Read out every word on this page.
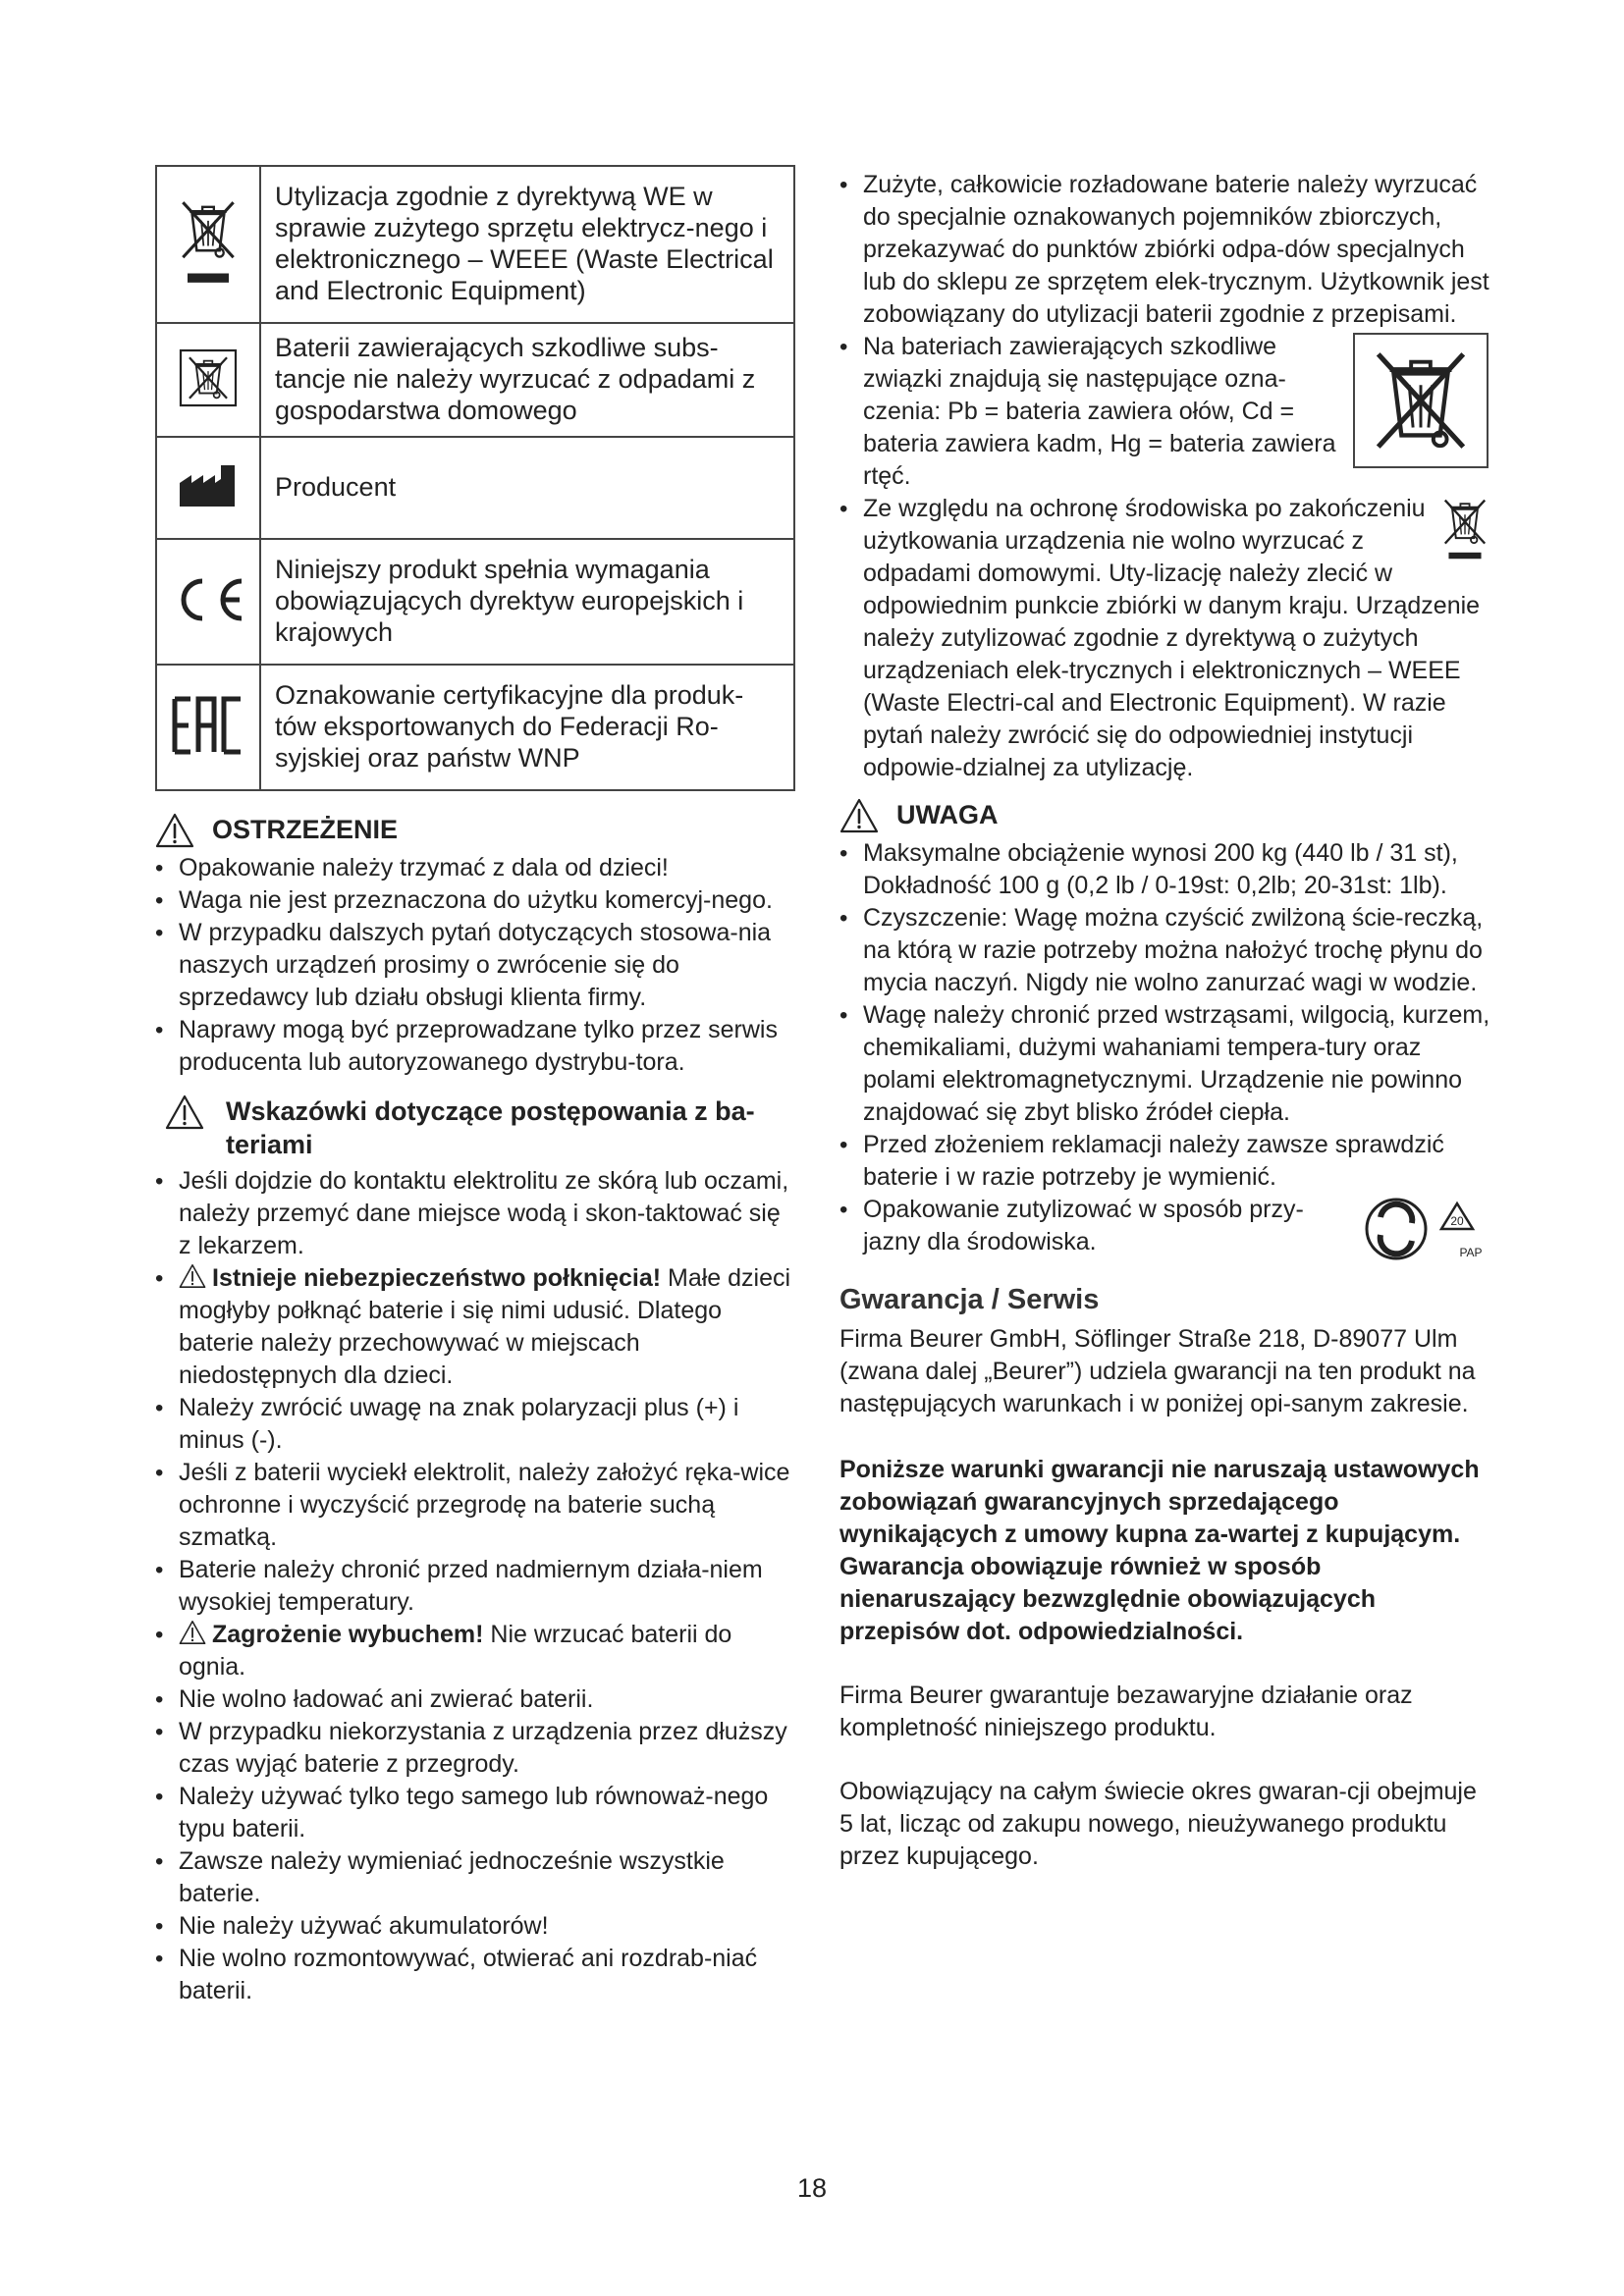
	Utylizacja zgodnie z dyrektywą WE w sprawie zużytego sprzętu elektrycz-nego i elektronicznego – WEEE (Waste Electrical and Electronic Equipment)
	Baterii zawierających szkodliwe subs-tancje nie należy wyrzucać z odpadami z gospodarstwa domowego
	Producent

CE	Niniejszy produkt spełnia wymagania obowiązujących dyrektyw europejskich i krajowych

EAC	Oznakowanie certyfikacyjne dla produk-tów eksportowanych do Federacji Ro-syjskiej oraz państw WNP
OSTRZEŻENIE
• Opakowanie należy trzymać z dala od dzieci!
• Waga nie jest przeznaczona do użytku komercyj-nego.
• W przypadku dalszych pytań dotyczących stosowa-nia naszych urządzeń prosimy o zwrócenie się do sprzedawcy lub działu obsługi klienta firmy.
• Naprawy mogą być przeprowadzane tylko przez serwis producenta lub autoryzowanego dystrybu-tora.
Wskazówki dotyczące postępowania z ba-teriami
• Jeśli dojdzie do kontaktu elektrolitu ze skórą lub oczami, należy przemyć dane miejsce wodą i skon-taktować się z lekarzem.
• Istnieje niebezpieczeństwo połknięcia! Małe dzieci mogłyby połknąć baterie i się nimi udusić. Dlatego baterie należy przechowywać w miejscach niedostępnych dla dzieci.
• Należy zwrócić uwagę na znak polaryzacji plus (+) i minus (-).
• Jeśli z baterii wyciekł elektrolit, należy założyć ręka-wice ochronne i wyczyścić przegrodę na baterie suchą szmatką.
• Baterie należy chronić przed nadmiernym działa-niem wysokiej temperatury.
• Zagrożenie wybuchem! Nie wrzucać baterii do ognia.
• Nie wolno ładować ani zwierać baterii.
• W przypadku niekorzystania z urządzenia przez dłuższy czas wyjąć baterie z przegrody.
• Należy używać tylko tego samego lub równoważ-nego typu baterii.
• Zawsze należy wymieniać jednocześnie wszystkie baterie.
• Nie należy używać akumulatorów!
• Nie wolno rozmontowywać, otwierać ani rozdrab-niać baterii.
• Zużyte, całkowicie rozładowane baterie należy wyrzucać do specjalnie oznakowanych pojemników zbiorczych, przekazywać do punktów zbiórki odpa-dów specjalnych lub do sklepu ze sprzętem elek-trycznym. Użytkownik jest zobowiązany do utylizacji baterii zgodnie z przepisami.
• Na bateriach zawierających szkodliwe związki znajdują się następujące ozna-czenia: Pb = bateria zawiera ołów, Cd = bateria zawiera kadm, Hg = bateria zawiera rtęć.
• Ze względu na ochronę środowiska po zakończeniu użytkowania urządzenia nie wolno wyrzucać z odpadami domowymi. Uty-lizację należy zlecić w odpowiednim punkcie zbiórki w danym kraju. Urządzenie należy zutylizować zgodnie z dyrektywą o zużytych urządzeniach elek-trycznych i elektronicznych – WEEE (Waste Electri-cal and Electronic Equipment). W razie pytań należy zwrócić się do odpowiedniej instytucji odpowie-dzialnej za utylizację.
UWAGA
• Maksymalne obciążenie wynosi 200 kg (440 lb / 31 st), Dokładność 100 g (0,2 lb / 0-19st: 0,2lb; 20-31st: 1lb).
• Czyszczenie: Wagę można czyścić zwilżoną ście-reczką, na którą w razie potrzeby można nałożyć trochę płynu do mycia naczyń. Nigdy nie wolno zanurzać wagi w wodzie.
• Wagę należy chronić przed wstrząsami, wilgocią, kurzem, chemikaliami, dużymi wahaniami tempera-tury oraz polami elektromagnetycznymi. Urządzenie nie powinno znajdować się zbyt blisko źródeł ciepła.
• Przed złożeniem reklamacji należy zawsze sprawdzić baterie i w razie potrzeby je wymienić.
• 20
PAP
Opakowanie zutylizować w sposób przy-jazny dla środowiska.
Gwarancja / Serwis

Firma Beurer GmbH, Söflinger Straße 218, D-89077 Ulm (zwana dalej „Beurer”) udziela gwarancji na ten produkt na następujących warunkach i w poniżej opi-sanym zakresie.

Poniższe warunki gwarancji nie naruszają ustawowych zobowiązań gwarancyjnych sprzedającego wynikających z umowy kupna za-wartej z kupującym.

Gwarancja obowiązuje również w sposób nienaruszający bezwzględnie obowiązujących przepisów dot. odpowiedzialności.

Firma Beurer gwarantuje bezawaryjne działanie oraz kompletność niniejszego produktu.

Obowiązujący na całym świecie okres gwaran-cji obejmuje 5 lat, licząc od zakupu nowego, nieużywanego produktu przez kupującego.

18
